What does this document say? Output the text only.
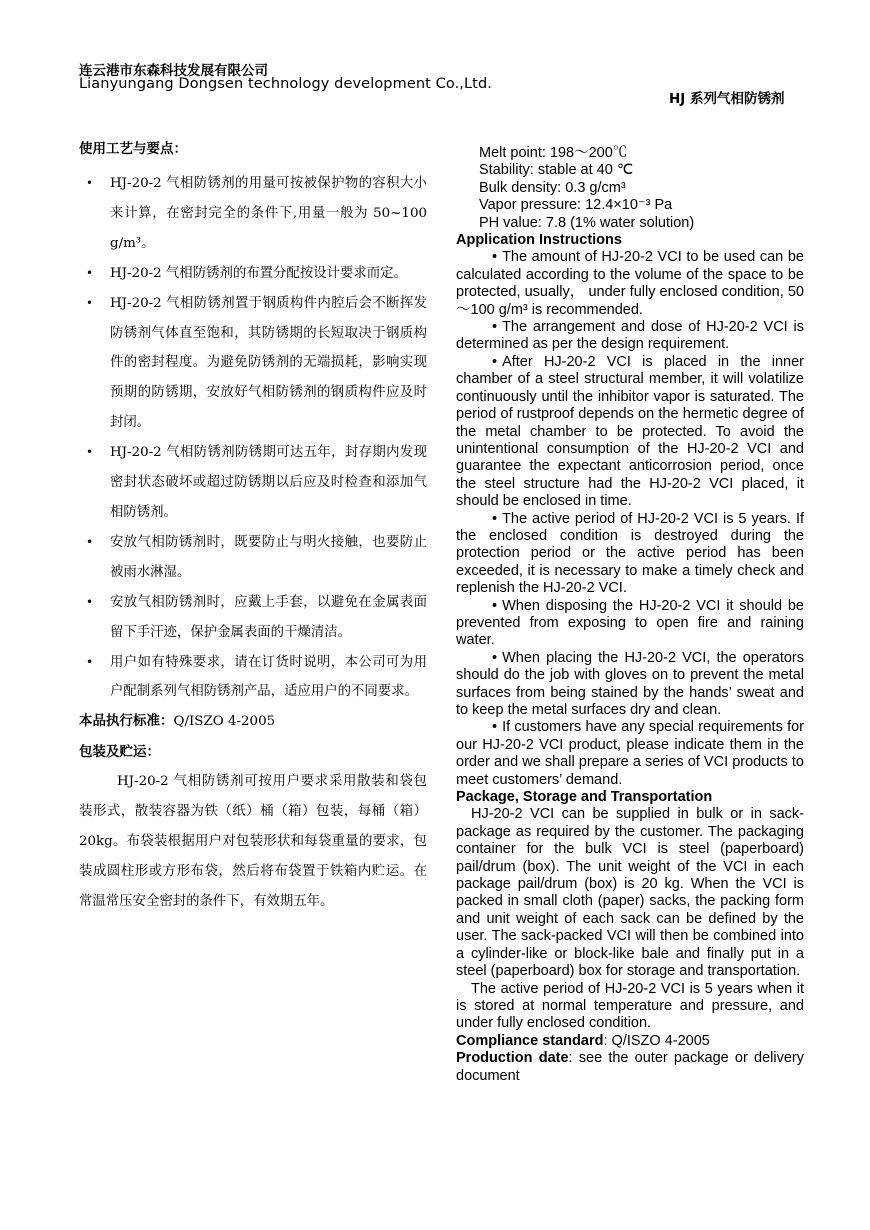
连云港市东森科技发展有限公司
Lianyungang Dongsen technology development Co.,Ltd.
HJ 系列气相防锈剂
使用工艺与要点：
• HJ-20-2 气相防锈剂的用量可按被保护物的容积大小来计算，在密封完全的条件下,用量一般为 50~100 g/m³。
• HJ-20-2 气相防锈剂的布置分配按设计要求而定。
• HJ-20-2 气相防锈剂置于钢质构件内腔后会不断挥发防锈剂气体直至饱和，其防锈期的长短取决于钢质构件的密封程度。为避免防锈剂的无端损耗，影响实现预期的防锈期，安放好气相防锈剂的钢质构件应及时封闭。
• HJ-20-2 气相防锈剂防锈期可达五年，封存期内发现密封状态破坏或超过防锈期以后应及时检查和添加气相防锈剂。
• 安放气相防锈剂时，既要防止与明火接触，也要防止被雨水淋湿。
• 安放气相防锈剂时，应戴上手套，以避免在金属表面留下手汗迹，保护金属表面的干燥清洁。
• 用户如有特殊要求，请在订货时说明，本公司可为用户配制系列气相防锈剂产品，适应用户的不同要求。
本品执行标准：Q/ISZO 4-2005
包装及贮运：
HJ-20-2 气相防锈剂可按用户要求采用散装和袋包装形式，散装容器为铁（纸）桶（箱）包装，每桶（箱）20kg。布袋装根据用户对包装形状和每袋重量的要求，包装成圆柱形或方形布袋，然后将布袋置于铁箱内贮运。在常温常压安全密封的条件下，有效期五年。
Melt point: 198～200℃
Stability: stable at 40 ℃
Bulk density: 0.3 g/cm³
Vapor pressure: 12.4×10⁻³ Pa
PH value: 7.8 (1% water solution)
Application Instructions
• The amount of HJ-20-2 VCI to be used can be calculated according to the volume of the space to be protected, usually， under fully enclosed condition, 50～100 g/m³ is recommended.
• The arrangement and dose of HJ-20-2 VCI is determined as per the design requirement.
• After HJ-20-2 VCI is placed in the inner chamber of a steel structural member, it will volatilize continuously until the inhibitor vapor is saturated. The period of rustproof depends on the hermetic degree of the metal chamber to be protected. To avoid the unintentional consumption of the HJ-20-2 VCI and guarantee the expectant anticorrosion period, once the steel structure had the HJ-20-2 VCI placed, it should be enclosed in time.
• The active period of HJ-20-2 VCI is 5 years. If the enclosed condition is destroyed during the protection period or the active period has been exceeded, it is necessary to make a timely check and replenish the HJ-20-2 VCI.
• When disposing the HJ-20-2 VCI it should be prevented from exposing to open fire and raining water.
• When placing the HJ-20-2 VCI, the operators should do the job with gloves on to prevent the metal surfaces from being stained by the hands’ sweat and to keep the metal surfaces dry and clean.
• If customers have any special requirements for our HJ-20-2 VCI product, please indicate them in the order and we shall prepare a series of VCI products to meet customers’ demand.
Package, Storage and Transportation
HJ-20-2 VCI can be supplied in bulk or in sack-package as required by the customer. The packaging container for the bulk VCI is steel (paperboard) pail/drum (box). The unit weight of the VCI in each package pail/drum (box) is 20 kg. When the VCI is packed in small cloth (paper) sacks, the packing form and unit weight of each sack can be defined by the user. The sack-packed VCI will then be combined into a cylinder-like or block-like bale and finally put in a steel (paperboard) box for storage and transportation.
The active period of HJ-20-2 VCI is 5 years when it is stored at normal temperature and pressure, and under fully enclosed condition.
Compliance standard: Q/ISZO 4-2005
Production date: see the outer package or delivery document
